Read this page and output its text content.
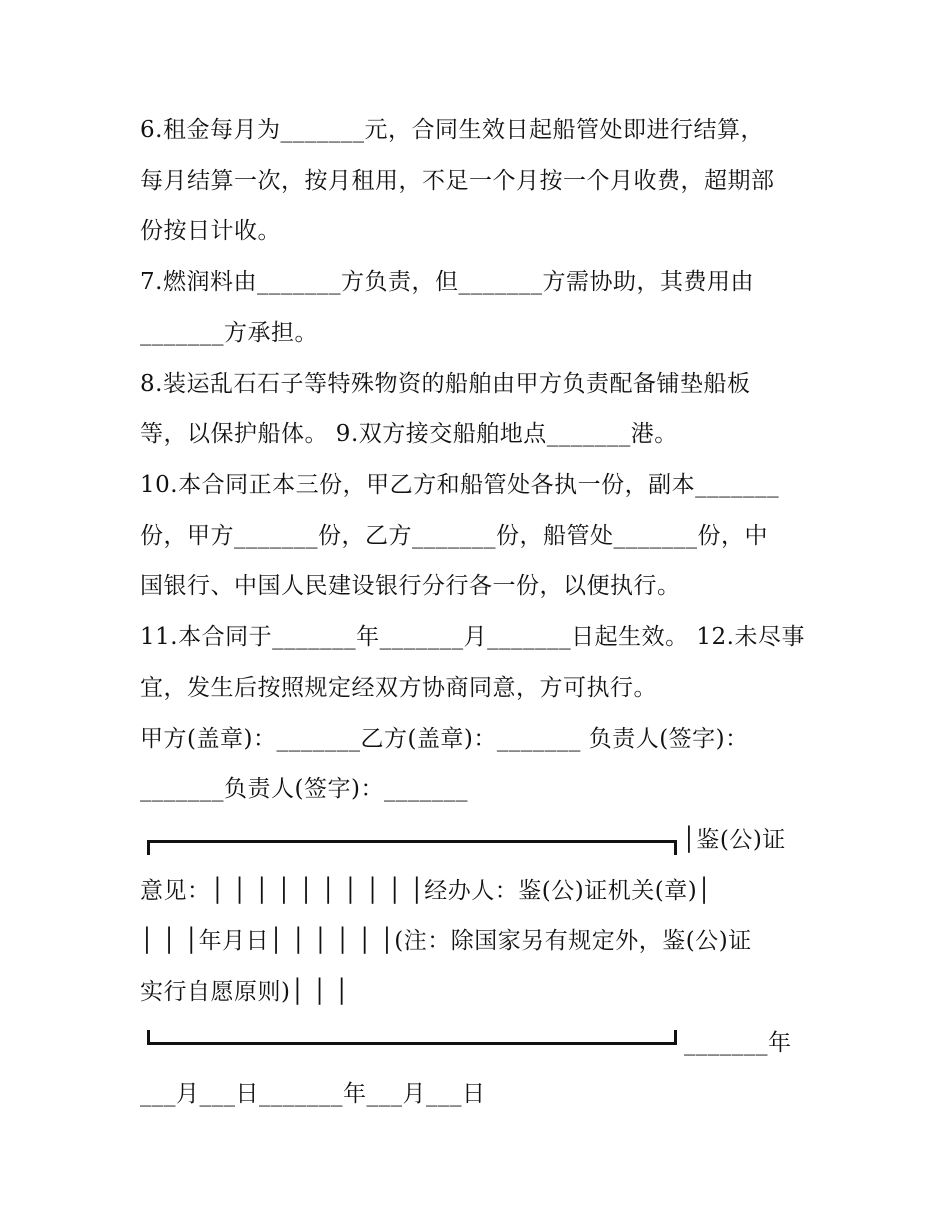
6.租金每月为_______元，合同生效日起船管处即进行结算，
每月结算一次，按月租用，不足一个月按一个月收费，超期部
份按日计收。
7.燃润料由_______方负责，但_______方需协助，其费用由
_______方承担。
8.装运乱石石子等特殊物资的船舶由甲方负责配备铺垫船板
等，以保护船体。 9.双方接交船舶地点_______港。
10.本合同正本三份，甲乙方和船管处各执一份，副本_______
份，甲方_______份，乙方_______份，船管处_______份，中
国银行、中国人民建设银行分行各一份，以便执行。
11.本合同于_______年_______月_______日起生效。 12.未尽事
宜，发生后按照规定经双方协商同意，方可执行。
甲方(盖章)：_______乙方(盖章)：_______ 负责人(签字)：
_______负责人(签字)：_______
│鉴(公)证
意见：│ │ │ │ │ │ │ │ │ │经办人：鉴(公)证机关(章)│
│ │ │年月日│ │ │ │ │ │(注：除国家另有规定外，鉴(公)证
实行自愿原则)│ │ │
_______年
___月___日_______年___月___日
